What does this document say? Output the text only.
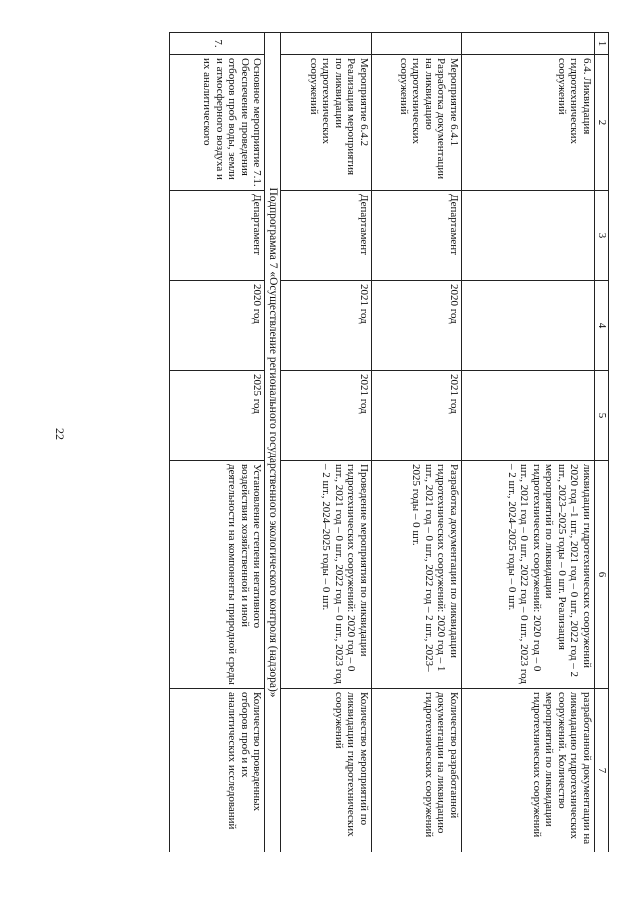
22
1	2	3	4	5	6	7
	6.4. Ликвидация гидротехнических сооружений				ликвидации гидротехнических сооружений 2020 год –1 шт., 2021 год – 0 шт., 2022 год – 2 шт., 2023–2025 годы – 0 шт. Реализация мероприятий по ликвидации гидротехнических сооружений: 2020 год – 0 шт., 2021 год – 0 шт., 2022 год – 0 шт., 2023 год – 2 шт., 2024–2025 годы – 0 шт.	разработанной документации на ликвидацию гидротехнических сооружений. Количество мероприятий по ликвидации гидротехнических сооружений
	Мероприятие 6.4.1 Разработка документации на ликвидацию гидротехнических сооружений	Департамент	2020 год	2021 год	Разработка документации по ликвидации гидротехнических сооружений: 2020 год – 1 шт., 2021 год – 0 шт., 2022 год – 2 шт., 2023–2025 годы – 0 шт.	Количество разработанной документации на ликвидацию гидротехнических сооружений
	Мероприятие 6.4.2 Реализация мероприятия по ликвидации гидротехнических сооружений	Департамент	2021 год	2021 год	Проведение мероприятия по ликвидации гидротехнических сооружений: 2020 год – 0 шт., 2021 год – 0 шт., 2022 год – 0 шт., 2023 год – 2 шт., 2024–2025 годы – 0 шт.	Количество мероприятий по ликвидации гидротехнических сооружений
Подпрограмма 7 «Осуществление регионального государственного экологического контроля (надзора)»						
7.	Основное мероприятие 7.1. Обеспечение проведения отборов проб воды, земли и атмосферного воздуха и их аналитического	Департамент	2020 год	2025 год	Установление степени негативного воздействия хозяйственной и иной деятельности на компоненты природной среды	Количество проведенных отборов проб и их аналитических исследований
